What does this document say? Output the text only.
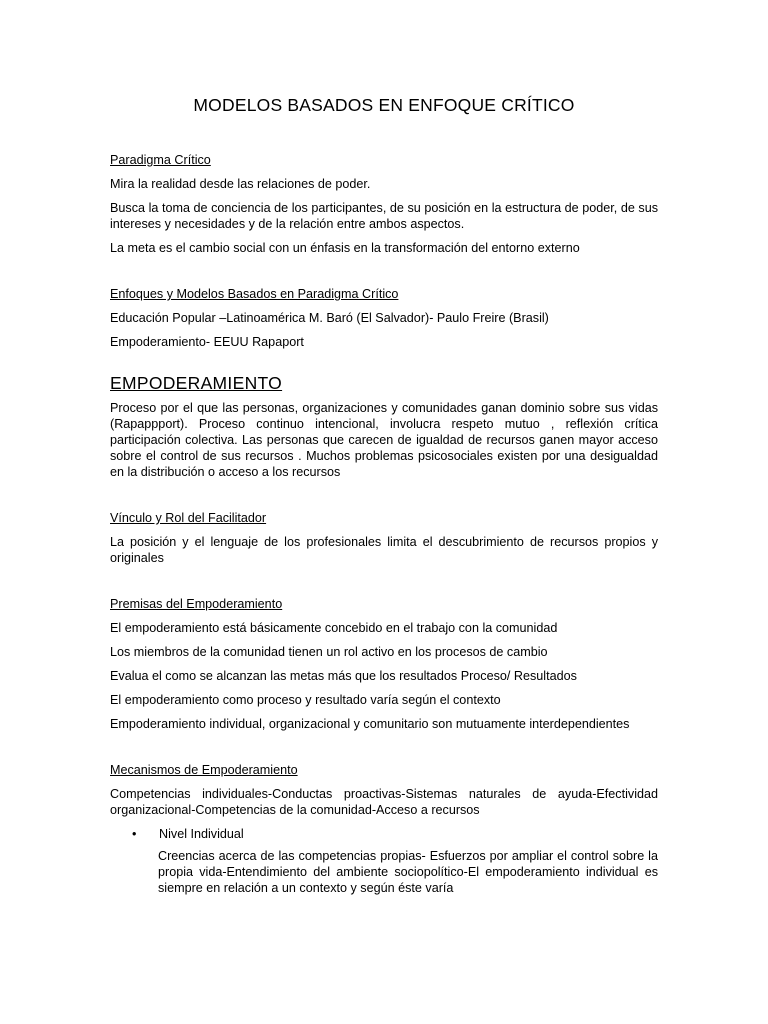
MODELOS BASADOS EN ENFOQUE CRÍTICO
Paradigma Crítico
Mira la realidad desde las relaciones de poder.
Busca la toma de conciencia de los participantes, de su posición en la estructura de poder, de sus intereses y necesidades y de la relación entre ambos aspectos.
La meta es el cambio social con un énfasis en la transformación del entorno externo
Enfoques y Modelos Basados en Paradigma Crítico
Educación Popular –Latinoamérica M. Baró (El Salvador)- Paulo Freire (Brasil)
Empoderamiento- EEUU Rapaport
EMPODERAMIENTO
Proceso por el que las personas, organizaciones y comunidades ganan dominio sobre sus vidas (Rapappport). Proceso continuo intencional, involucra respeto mutuo , reflexión crítica participación colectiva. Las personas que carecen de igualdad de recursos ganen mayor acceso sobre el control de sus recursos . Muchos problemas psicosociales existen por una desigualdad en la distribución o acceso a los recursos
Vínculo y Rol del Facilitador
La posición y el lenguaje de los profesionales limita el descubrimiento de recursos propios y originales
Premisas del Empoderamiento
El empoderamiento está básicamente concebido en el trabajo con la comunidad
Los miembros de la comunidad tienen un rol activo en los procesos de cambio
Evalua el como se alcanzan las metas más que los resultados Proceso/ Resultados
El empoderamiento como proceso y resultado varía según el contexto
Empoderamiento individual, organizacional y comunitario son mutuamente interdependientes
Mecanismos de Empoderamiento
Competencias individuales-Conductas proactivas-Sistemas naturales de ayuda-Efectividad organizacional-Competencias de la comunidad-Acceso a recursos
• Nivel Individual
Creencias acerca de las competencias propias- Esfuerzos por ampliar el control sobre la propia vida-Entendimiento del ambiente sociopolítico-El empoderamiento individual es siempre en relación a un contexto y según éste varía
